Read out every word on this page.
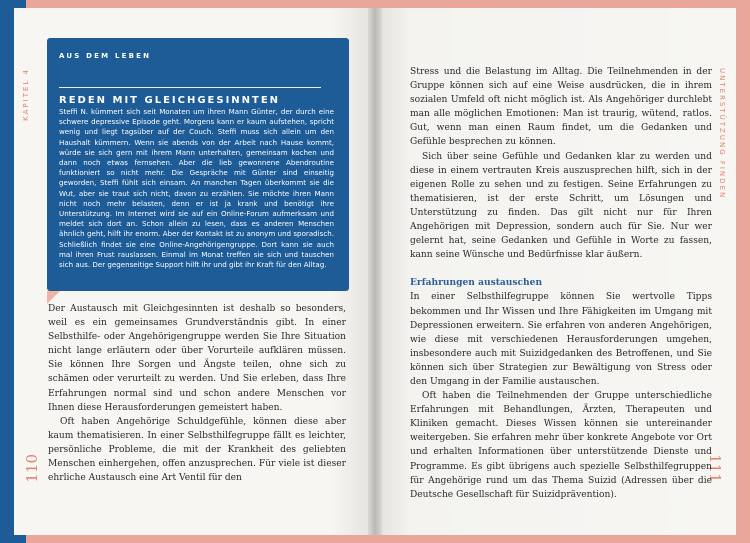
KAPITEL 4
110
AUS DEM LEBEN
REDEN MIT GLEICHGESINNTEN
Steffi N. kümmert sich seit Monaten um ihren Mann Günter, der durch eine schwere depressive Episode geht. Morgens kann er kaum aufstehen, spricht wenig und liegt tagsüber auf der Couch. Steffi muss sich allein um den Haushalt kümmern. Wenn sie abends von der Arbeit nach Hause kommt, würde sie sich gern mit ihrem Mann unterhalten, gemeinsam kochen und dann noch etwas fernsehen. Aber die lieb gewonnene Abendroutine funktioniert so nicht mehr. Die Gespräche mit Günter sind einseitig geworden, Steffi fühlt sich einsam. An manchen Tagen überkommt sie die Wut, aber sie traut sich nicht, davon zu erzählen. Sie möchte ihren Mann nicht noch mehr belasten, denn er ist ja krank und benötigt ihre Unterstützung. Im Internet wird sie auf ein Online-Forum aufmerksam und meldet sich dort an. Schon allein zu lesen, dass es anderen Menschen ähnlich geht, hilft ihr enorm. Aber der Kontakt ist zu anonym und sporadisch. Schließlich findet sie eine Online-Angehörigengruppe. Dort kann sie auch mal ihren Frust rauslassen. Einmal im Monat treffen sie sich und tauschen sich aus. Der gegenseitige Support hilft ihr und gibt ihr Kraft für den Alltag.

Der Austausch mit Gleichgesinnten ist deshalb so besonders, weil es ein gemeinsames Grundverständnis gibt. In einer Selbsthilfe- oder Angehörigengruppe werden Sie Ihre Situation nicht lange erläutern oder über Vorurteile aufklären müssen. Sie können Ihre Sorgen und Ängste teilen, ohne sich zu schämen oder verurteilt zu werden. Und Sie erleben, dass Ihre Erfahrungen normal sind und schon andere Menschen vor Ihnen diese Herausforderungen gemeistert haben.

Oft haben Angehörige Schuldgefühle, können diese aber kaum thematisieren. In einer Selbsthilfegruppe fällt es leichter, persönliche Probleme, die mit der Krankheit des geliebten Menschen einhergehen, offen anzusprechen. Für viele ist dieser ehrliche Austausch eine Art Ventil für den

UNTERSTÜTZUNG FINDEN
111

Stress und die Belastung im Alltag. Die Teilnehmenden in der Gruppe können sich auf eine Weise ausdrücken, die in ihrem sozialen Umfeld oft nicht möglich ist. Als Angehöriger durchlebt man alle möglichen Emotionen: Man ist traurig, wütend, ratlos. Gut, wenn man einen Raum findet, um die Gedanken und Gefühle besprechen zu können.

Sich über seine Gefühle und Gedanken klar zu werden und diese in einem vertrauten Kreis auszusprechen hilft, sich in der eigenen Rolle zu sehen und zu festigen. Seine Erfahrungen zu thematisieren, ist der erste Schritt, um Lösungen und Unterstützung zu finden. Das gilt nicht nur für Ihren Angehörigen mit Depression, sondern auch für Sie. Nur wer gelernt hat, seine Gedanken und Gefühle in Worte zu fassen, kann seine Wünsche und Bedürfnisse klar äußern.

Erfahrungen austauschen

In einer Selbsthilfegruppe können Sie wertvolle Tipps bekommen und Ihr Wissen und Ihre Fähigkeiten im Umgang mit Depressionen erweitern. Sie erfahren von anderen Angehörigen, wie diese mit verschiedenen Herausforderungen umgehen, insbesondere auch mit Suizidgedanken des Betroffenen, und Sie können sich über Strategien zur Bewältigung von Stress oder den Umgang in der Familie austauschen.

Oft haben die Teilnehmenden der Gruppe unterschiedliche Erfahrungen mit Behandlungen, Ärzten, Therapeuten und Kliniken gemacht. Dieses Wissen können sie untereinander weitergeben. Sie erfahren mehr über konkrete Angebote vor Ort und erhalten Informationen über unterstützende Dienste und Programme. Es gibt übrigens auch spezielle Selbsthilfegruppen für Angehörige rund um das Thema Suizid (Adressen über die Deutsche Gesellschaft für Suizidprävention).
